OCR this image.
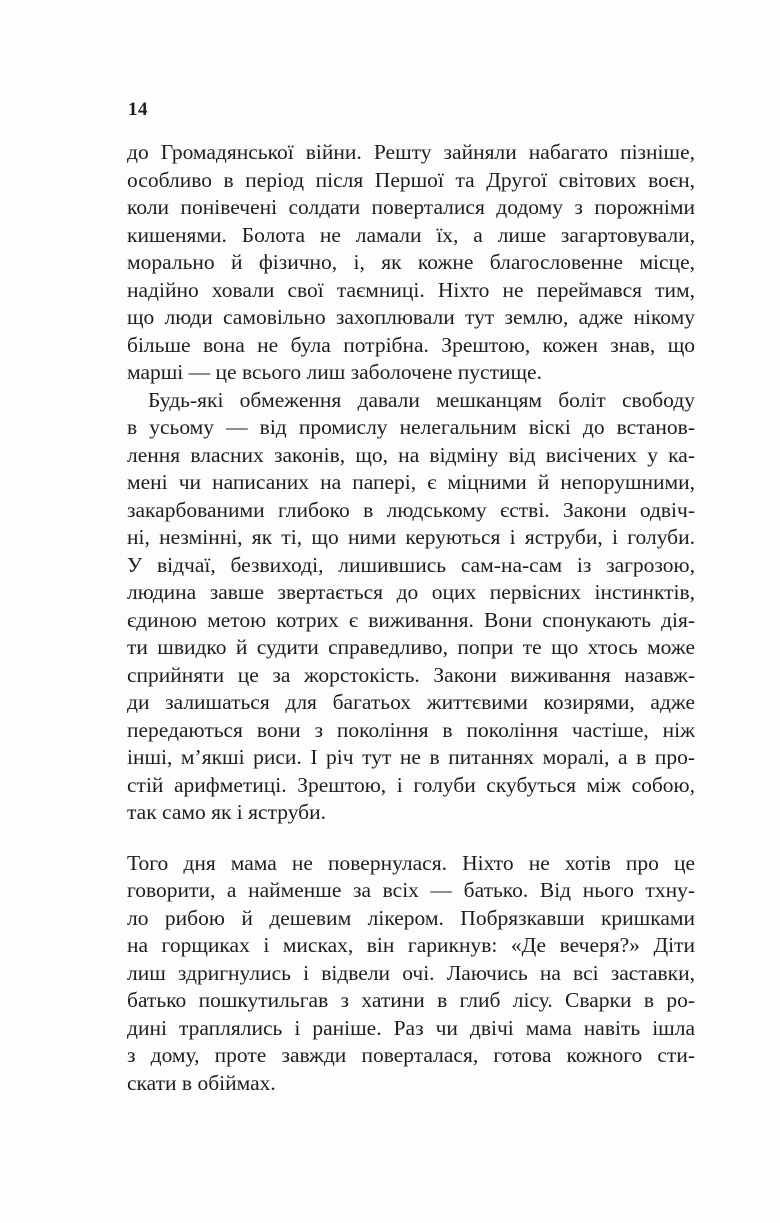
14
до Громадянської війни. Решту зайняли набагато пізніше,
особливо в період після Першої та Другої світових воєн,
коли понівечені солдати поверталися додому з порожніми
кишенями. Болота не ламали їх, а лише загартовували,
морально й фізично, і, як кожне благословенне місце,
надійно ховали свої таємниці. Ніхто не переймався тим,
що люди самовільно захоплювали тут землю, адже нікому
більше вона не була потрібна. Зрештою, кожен знав, що
марші — це всього лиш заболочене пустище.
Будь-які обмеження давали мешканцям боліт свободу
в усьому — від промислу нелегальним віскі до встанов-
лення власних законів, що, на відміну від висічених у ка-
мені чи написаних на папері, є міцними й непорушними,
закарбованими глибоко в людському єстві. Закони одвіч-
ні, незмінні, як ті, що ними керуються і яструби, і голуби.
У відчаї, безвиході, лишившись сам-на-сам із загрозою,
людина завше звертається до оцих первісних інстинктів,
єдиною метою котрих є виживання. Вони спонукають дія-
ти швидко й судити справедливо, попри те що хтось може
сприйняти це за жорстокість. Закони виживання назавж-
ди залишаться для багатьох життєвими козирями, адже
передаються вони з покоління в покоління частіше, ніж
інші, м’якші риси. І річ тут не в питаннях моралі, а в про-
стій арифметиці. Зрештою, і голуби скубуться між собою,
так само як і яструби.
Того дня мама не повернулася. Ніхто не хотів про це
говорити, а найменше за всіх — батько. Від нього тхну-
ло рибою й дешевим лікером. Побрязкавши кришками
на горщиках і мисках, він гарикнув: «Де вечеря?» Діти
лиш здригнулись і відвели очі. Лаючись на всі заставки,
батько пошкутильгав з хатини в глиб лісу. Сварки в ро-
дині траплялись і раніше. Раз чи двічі мама навіть ішла
з дому, проте завжди поверталася, готова кожного сти-
скати в обіймах.
